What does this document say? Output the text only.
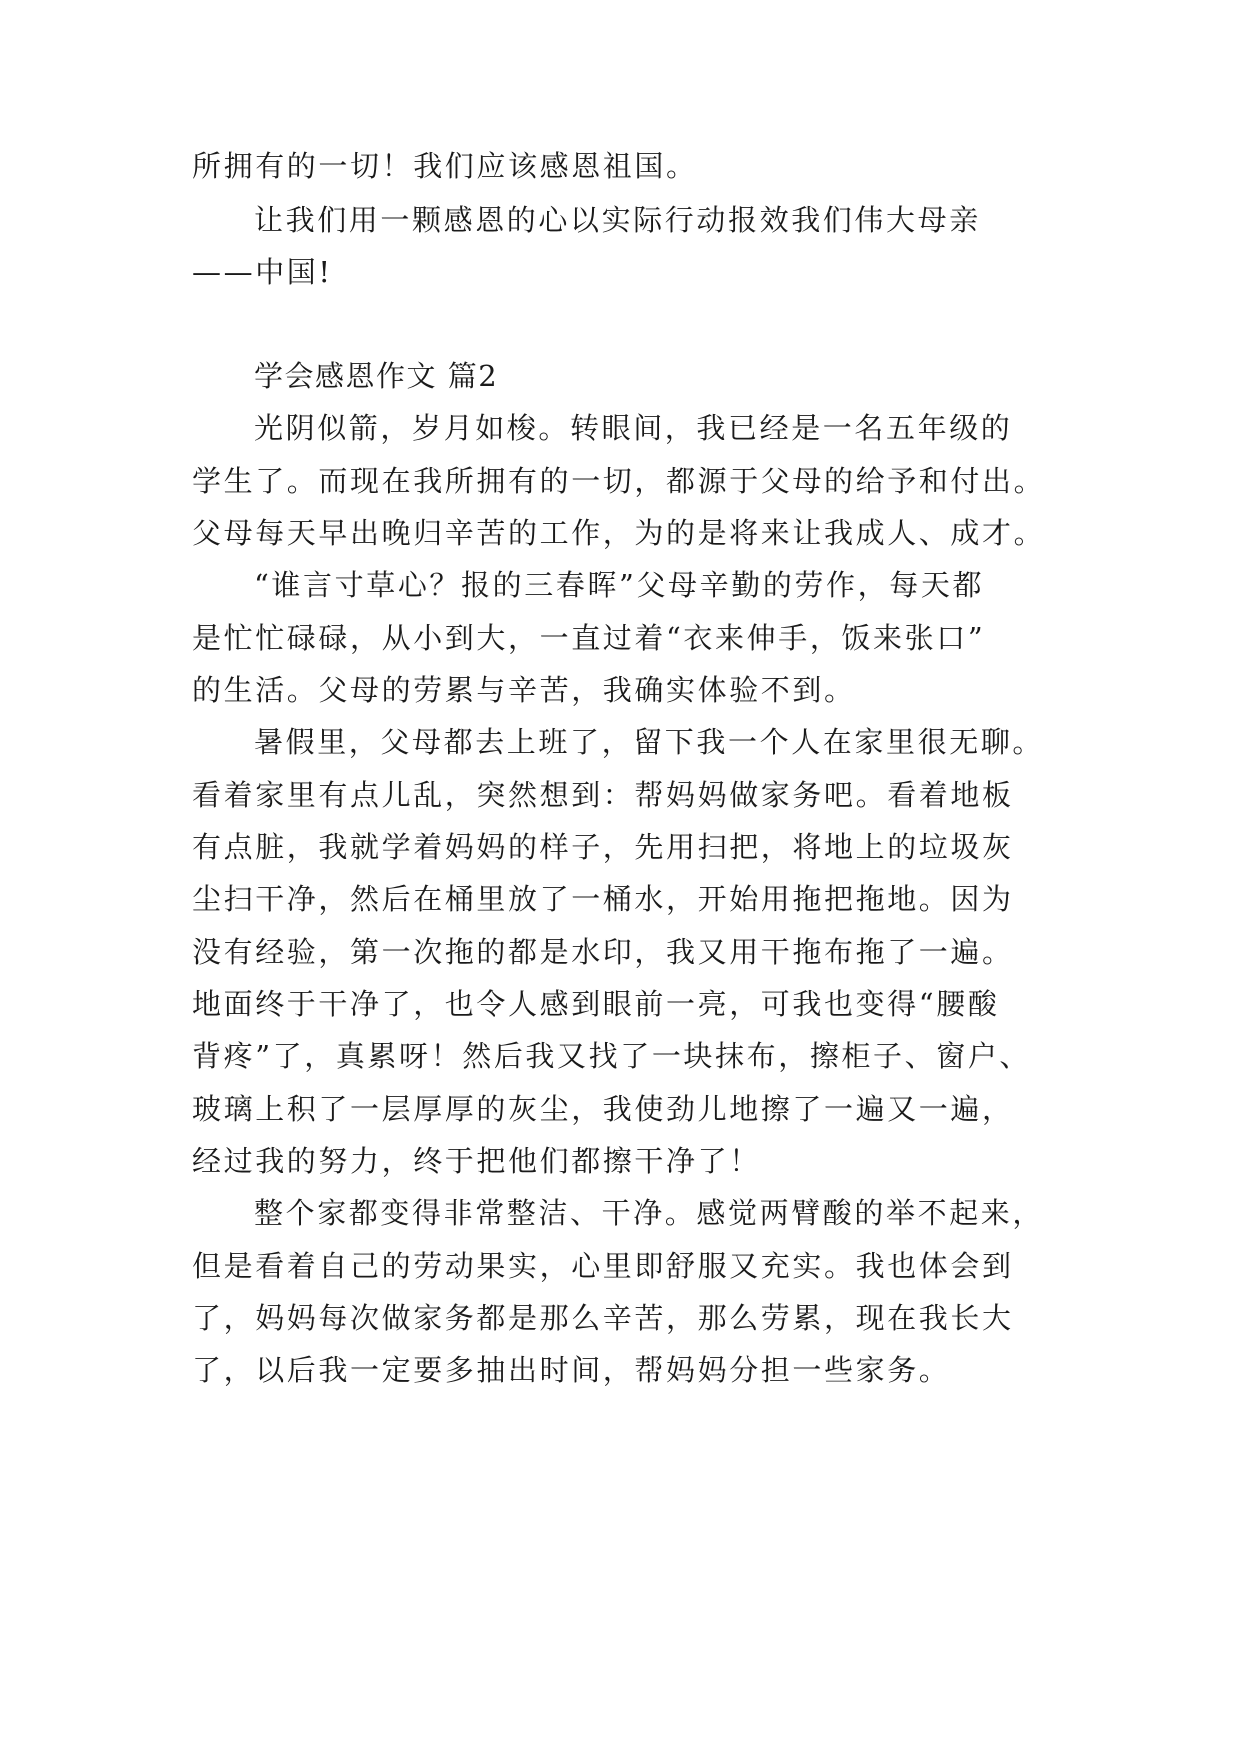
所拥有的一切！我们应该感恩祖国。
让我们用一颗感恩的心以实际行动报效我们伟大母亲
——中国!
学会感恩作文 篇2
光阴似箭，岁月如梭。转眼间，我已经是一名五年级的
学生了。而现在我所拥有的一切，都源于父母的给予和付出。
父母每天早出晚归辛苦的工作，为的是将来让我成人、成才。
“谁言寸草心？报的三春晖”父母辛勤的劳作，每天都
是忙忙碌碌，从小到大，一直过着“衣来伸手，饭来张口”
的生活。父母的劳累与辛苦，我确实体验不到。
暑假里，父母都去上班了，留下我一个人在家里很无聊。
看着家里有点儿乱，突然想到：帮妈妈做家务吧。看着地板
有点脏，我就学着妈妈的样子，先用扫把，将地上的垃圾灰
尘扫干净，然后在桶里放了一桶水，开始用拖把拖地。因为
没有经验，第一次拖的都是水印，我又用干拖布拖了一遍。
地面终于干净了，也令人感到眼前一亮，可我也变得“腰酸
背疼”了，真累呀！然后我又找了一块抹布，擦柜子、窗户、
玻璃上积了一层厚厚的灰尘，我使劲儿地擦了一遍又一遍，
经过我的努力，终于把他们都擦干净了！
整个家都变得非常整洁、干净。感觉两臂酸的举不起来，
但是看着自己的劳动果实，心里即舒服又充实。我也体会到
了，妈妈每次做家务都是那么辛苦，那么劳累，现在我长大
了，以后我一定要多抽出时间，帮妈妈分担一些家务。
